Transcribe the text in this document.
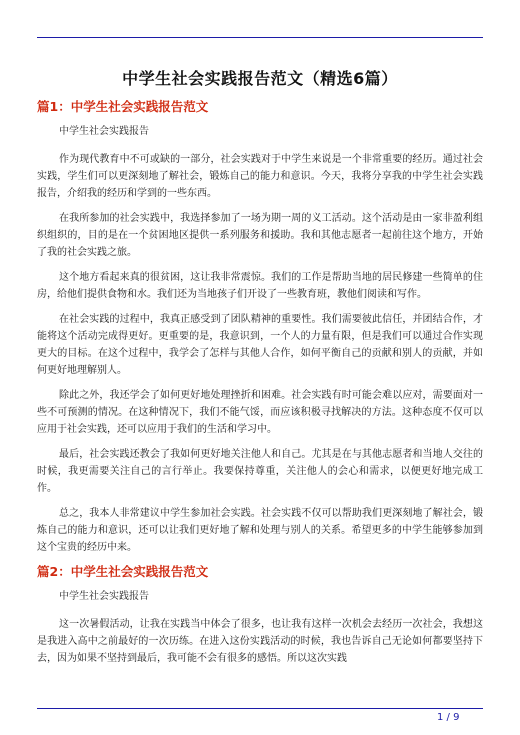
中学生社会实践报告范文（精选6篇）
篇1：中学生社会实践报告范文
中学生社会实践报告

作为现代教育中不可或缺的一部分，社会实践对于中学生来说是一个非常重要的经历。通过社会实践，学生们可以更深刻地了解社会，锻炼自己的能力和意识。今天，我将分享我的中学生社会实践报告，介绍我的经历和学到的一些东西。

在我所参加的社会实践中，我选择参加了一场为期一周的义工活动。这个活动是由一家非盈利组织组织的，目的是在一个贫困地区提供一系列服务和援助。我和其他志愿者一起前往这个地方，开始了我的社会实践之旅。

这个地方看起来真的很贫困，这让我非常震惊。我们的工作是帮助当地的居民修建一些简单的住房，给他们提供食物和水。我们还为当地孩子们开设了一些教育班，教他们阅读和写作。

在社会实践的过程中，我真正感受到了团队精神的重要性。我们需要彼此信任，并团结合作，才能将这个活动完成得更好。更重要的是，我意识到，一个人的力量有限，但是我们可以通过合作实现更大的目标。在这个过程中，我学会了怎样与其他人合作，如何平衡自己的贡献和别人的贡献，并如何更好地理解别人。

除此之外，我还学会了如何更好地处理挫折和困难。社会实践有时可能会难以应对，需要面对一些不可预测的情况。在这种情况下，我们不能气馁，而应该积极寻找解决的方法。这种态度不仅可以应用于社会实践，还可以应用于我们的生活和学习中。

最后，社会实践还教会了我如何更好地关注他人和自己。尤其是在与其他志愿者和当地人交往的时候，我更需要关注自己的言行举止。我要保持尊重，关注他人的会心和需求，以便更好地完成工作。

总之，我本人非常建议中学生参加社会实践。社会实践不仅可以帮助我们更深刻地了解社会，锻炼自己的能力和意识，还可以让我们更好地了解和处理与别人的关系。希望更多的中学生能够参加到这个宝贵的经历中来。

篇2：中学生社会实践报告范文
中学生社会实践报告

这一次暑假活动，让我在实践当中体会了很多，也让我有这样一次机会去经历一次社会，我想这是我进入高中之前最好的一次历练。在进入这份实践活动的时候，我也告诉自己无论如何都要坚持下去，因为如果不坚持到最后，我可能不会有很多的感悟。所以这次实践

1 / 9
